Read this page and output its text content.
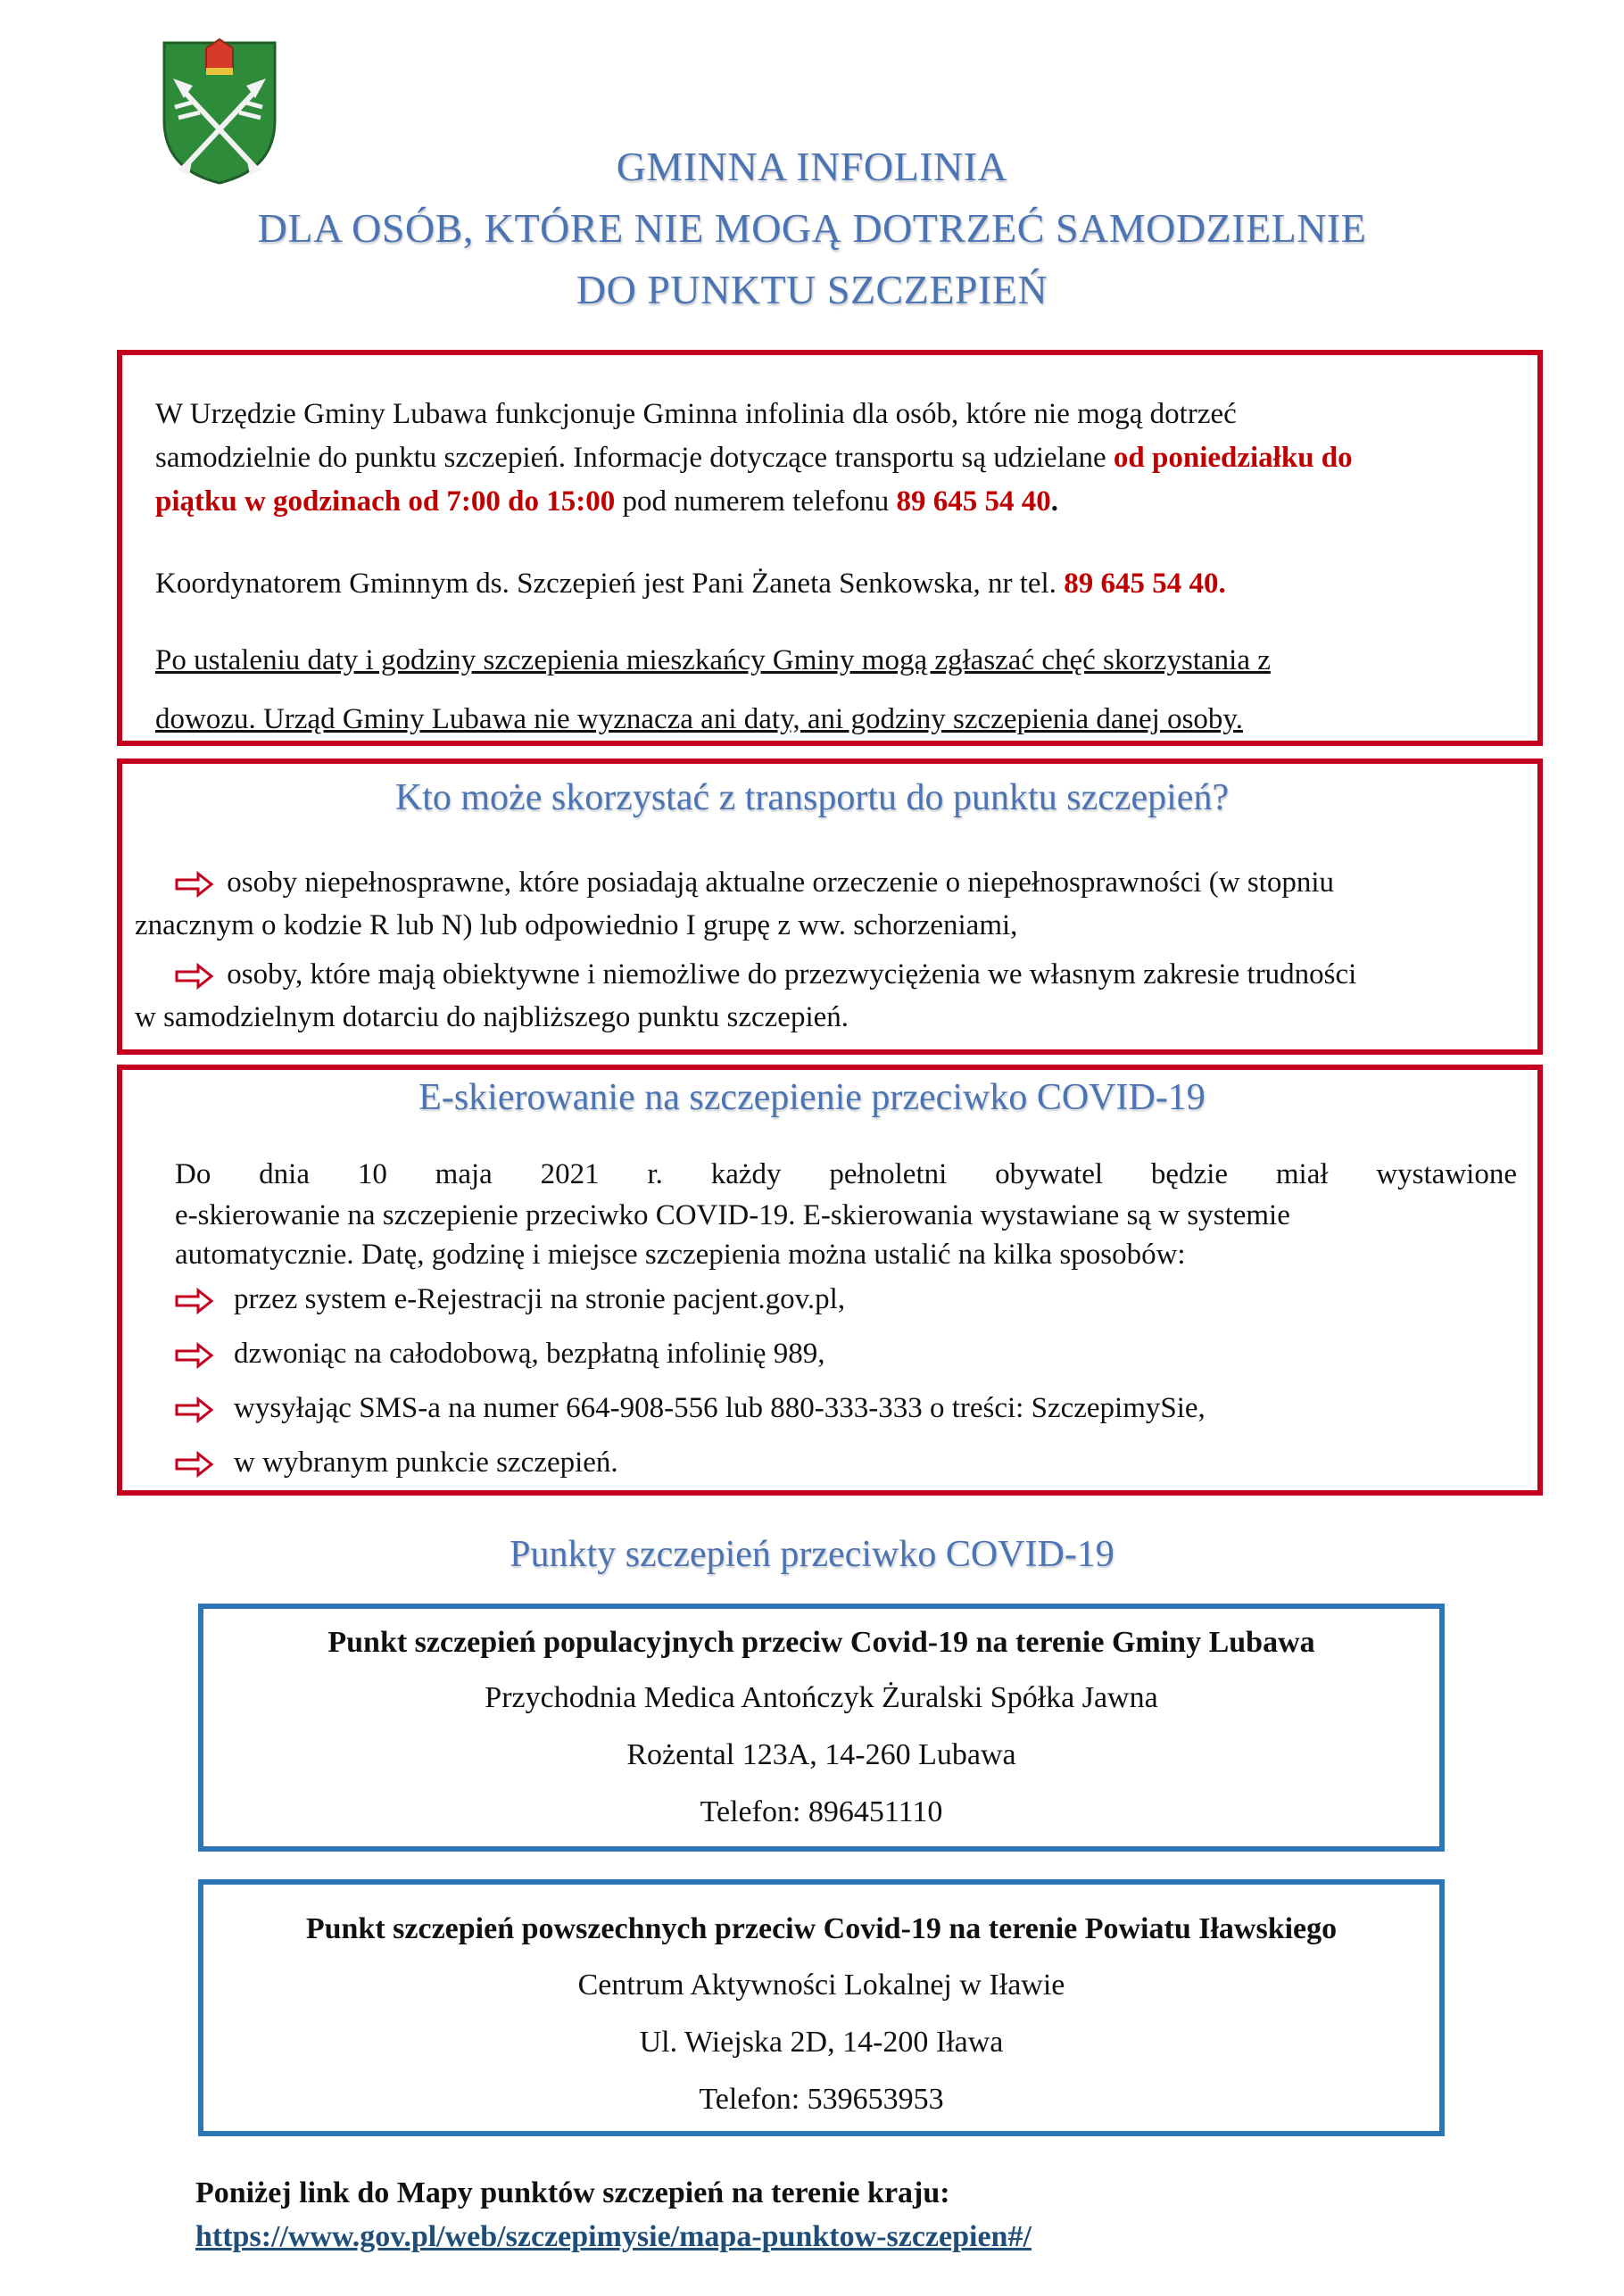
GMINNA INFOLINIA
DLA OSÓB, KTÓRE NIE MOGĄ DOTRZEĆ SAMODZIELNIE
DO PUNKTU SZCZEPIEŃ
W Urzędzie Gminy Lubawa funkcjonuje Gminna infolinia dla osób, które nie mogą dotrzeć
samodzielnie do punktu szczepień. Informacje dotyczące transportu są udzielane od poniedziałku do
piątku w godzinach od 7:00 do 15:00 pod numerem telefonu 89 645 54 40.
Koordynatorem Gminnym ds. Szczepień jest Pani Żaneta Senkowska, nr tel. 89 645 54 40.
Po ustaleniu daty i godziny szczepienia mieszkańcy Gminy mogą zgłaszać chęć skorzystania z
dowozu. Urząd Gminy Lubawa nie wyznacza ani daty, ani godziny szczepienia danej osoby.
Kto może skorzystać z transportu do punktu szczepień?
osoby niepełnosprawne, które posiadają aktualne orzeczenie o niepełnosprawności (w stopniu
znacznym o kodzie R lub N) lub odpowiednio I grupę z ww. schorzeniami,
osoby, które mają obiektywne i niemożliwe do przezwyciężenia we własnym zakresie trudności
w samodzielnym dotarciu do najbliższego punktu szczepień.
E-skierowanie na szczepienie przeciwko COVID-19
Do dnia 10 maja 2021 r. każdy pełnoletni obywatel będzie miał wystawione
e-skierowanie na szczepienie przeciwko COVID-19. E-skierowania wystawiane są w systemie
automatycznie. Datę, godzinę i miejsce szczepienia można ustalić na kilka sposobów:
przez system e-Rejestracji na stronie pacjent.gov.pl,
dzwoniąc na całodobową, bezpłatną infolinię 989,
wysyłając SMS-a na numer 664-908-556 lub 880-333-333 o treści: SzczepimySie,
w wybranym punkcie szczepień.
Punkty szczepień przeciwko COVID-19
Punkt szczepień populacyjnych przeciw Covid-19 na terenie Gminy Lubawa
Przychodnia Medica Antończyk Żuralski Spółka Jawna
Rożental 123A, 14-260 Lubawa
Telefon: 896451110
Punkt szczepień powszechnych przeciw Covid-19 na terenie Powiatu Iławskiego
Centrum Aktywności Lokalnej w Iławie
Ul. Wiejska 2D, 14-200 Iława
Telefon: 539653953
Poniżej link do Mapy punktów szczepień na terenie kraju:
https://www.gov.pl/web/szczepimysie/mapa-punktow-szczepien#/
